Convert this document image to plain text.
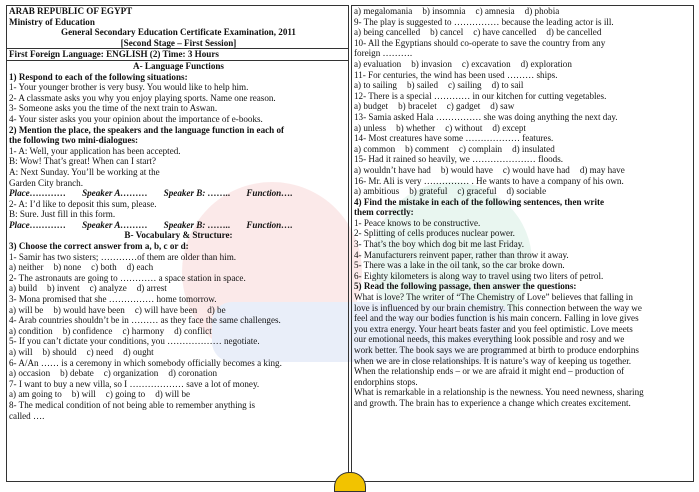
ARAB REPUBLIC OF EGYPT
Ministry of Education
General Secondary Education Certificate Examination, 2011
[Second Stage – First Session]
First Foreign Language: ENGLISH (2) Time: 3 Hours
A- Language Functions
1) Respond to each of the following situations:
1- Your younger brother is very busy. You would like to help him.
2- A classmate asks you why you enjoy playing sports. Name one reason.
3- Someone asks you the time of the next train to Aswan.
4- Your sister asks you your opinion about the importance of e-books.
2) Mention the place, the speakers and the language function in each of
the following two mini-dialogues:
1- A: Well, your application has been accepted.
B: Wow! That’s great! When can I start?
A: Next Sunday. You’ll be working at the
Garden City branch.
Place………… Speaker A……… Speaker B: …….. Function….
2- A: I’d like to deposit this sum, please.
B: Sure. Just fill in this form.
Place………… Speaker A……… Speaker B: …….. Function….
B- Vocabulary & Structure:
3) Choose the correct answer from a, b, c or d:
1- Samir has two sisters; …………of them are older than him.
a) neither b) none c) both d) each
2- The astronauts are going to ………… a space station in space.
a) build b) invent c) analyze d) arrest
3- Mona promised that she …………… home tomorrow.
a) will be b) would have been c) will have been d) be
4- Arab countries shouldn’t be in ……… as they face the same challenges.
a) condition b) confidence c) harmony d) conflict
5- If you can’t dictate your conditions, you ……………… negotiate.
a) will b) should c) need d) ought
6- A/An …… is a ceremony in which somebody officially becomes a king.
a) occasion b) debate c) organization d) coronation
7- I want to buy a new villa, so I ……………… save a lot of money.
a) am going to b) will c) going to d) will be
8- The medical condition of not being able to remember anything is
called ….
a) megalomania b) insomnia c) amnesia d) phobia
9- The play is suggested to …………… because the leading actor is ill.
a) being cancelled b) cancel c) have cancelled d) be cancelled
10- All the Egyptians should co-operate to save the country from any
foreign ……….
a) evaluation b) invasion c) excavation d) exploration
11- For centuries, the wind has been used ……… ships.
a) to sailing b) sailed c) sailing d) to sail
12- There is a special ………… in our kitchen for cutting vegetables.
a) budget b) bracelet c) gadget d) saw
13- Samia asked Hala …………… she was doing anything the next day.
a) unless b) whether c) without d) except
14- Most creatures have some ……………… features.
a) common b) comment c) complain d) insulated
15- Had it rained so heavily, we ………………… floods.
a) wouldn’t have had b) would have c) would have had d) may have
16- Mr. Ali is very …………… . He wants to have a company of his own.
a) ambitious b) grateful c) graceful d) sociable
4) Find the mistake in each of the following sentences, then write
them correctly:
1- Peace knows to be constructive.
2- Splitting of cells produces nuclear power.
3- That’s the boy which dog bit me last Friday.
4- Manufacturers reinvent paper, rather than throw it away.
5- There was a lake in the oil tank, so the car broke down.
6- Eighty kilometers is along way to travel using two liters of petrol.
5) Read the following passage, then answer the questions:
What is love? The writer of “The Chemistry of Love” believes that falling in
love is influenced by our brain chemistry. This connection between the way we
feel and the way our bodies function is his main concern. Falling in love gives
you extra energy. Your heart beats faster and you feel optimistic. Love meets
our emotional needs, this makes everything look possible and rosy and we
work better. The book says we are programmed at birth to produce endorphins
when we are in close relationships. It is nature’s way of keeping us together.
When the relationship ends – or we are afraid it might end – production of
endorphins stops.
What is remarkable in a relationship is the newness. You need newness, sharing
and growth. The brain has to experience a change which creates excitement.
